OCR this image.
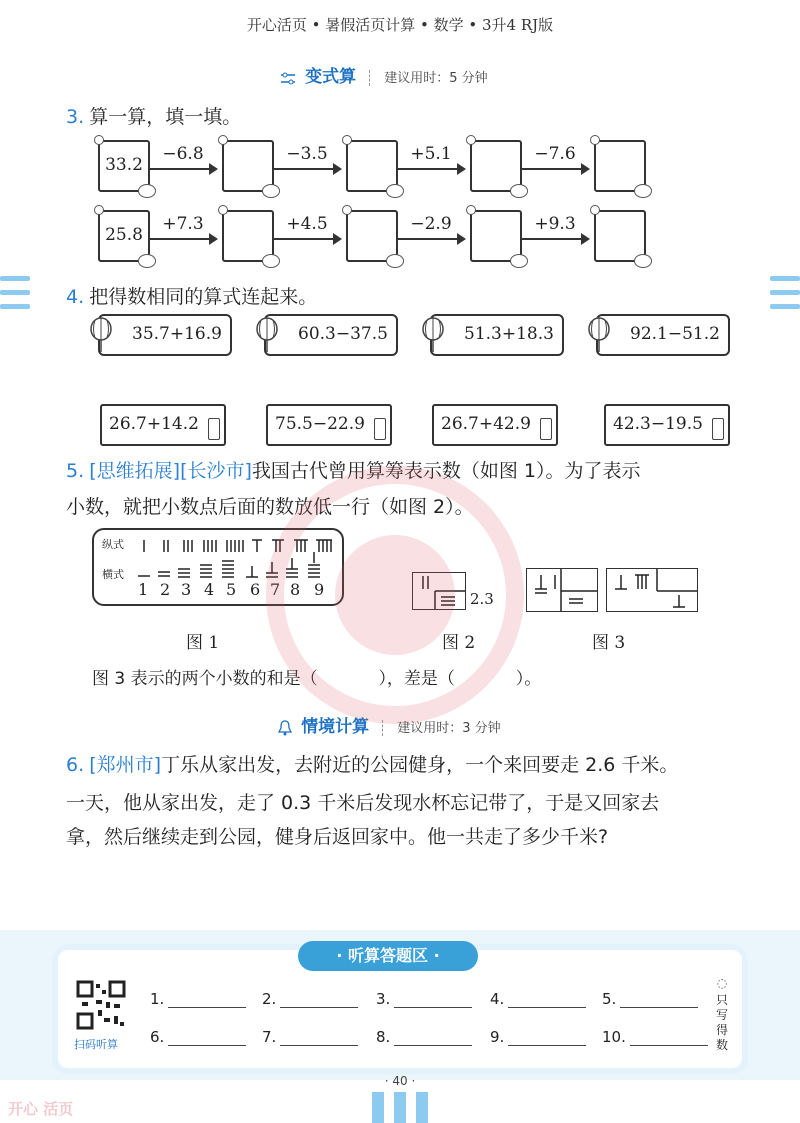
开心活页 • 暑假活页计算 • 数学 • 3升4 RJ版
变式算 建议用时：5 分钟
3. 算一算，填一填。
33.2
−6.8	−3.5	+5.1	−7.6
25.8
+7.3	+4.5	−2.9	+9.3
4. 把得数相同的算式连起来。
35.7+16.9	60.3−37.5	51.3+18.3	92.1−51.2
26.7+14.2	75.5−22.9	26.7+42.9	42.3−19.5
5. [思维拓展][长沙市]我国古代曾用算筹表示数（如图 1）。为了表示
小数，就把小数点后面的数放低一行（如图 2）。
纵式
横式
1 2 3 4 5 6 7 8 9	2.3
图 1	图 2	图 3
图 3 表示的两个小数的和是（	），差是（	）。
情境计算 建议用时：3 分钟
6. [郑州市]丁乐从家出发，去附近的公园健身，一个来回要走 2.6 千米。
一天，他从家出发，走了 0.3 千米后发现水杯忘记带了，于是又回家去
拿，然后继续走到公园，健身后返回家中。他一共走了多少千米?
扫码听算
1.	2.	3.	4.	5.
6.	7.	8.	9.	10.
◌
只写得数
· 听算答题区 ·
· 40 ·
开心 活页
